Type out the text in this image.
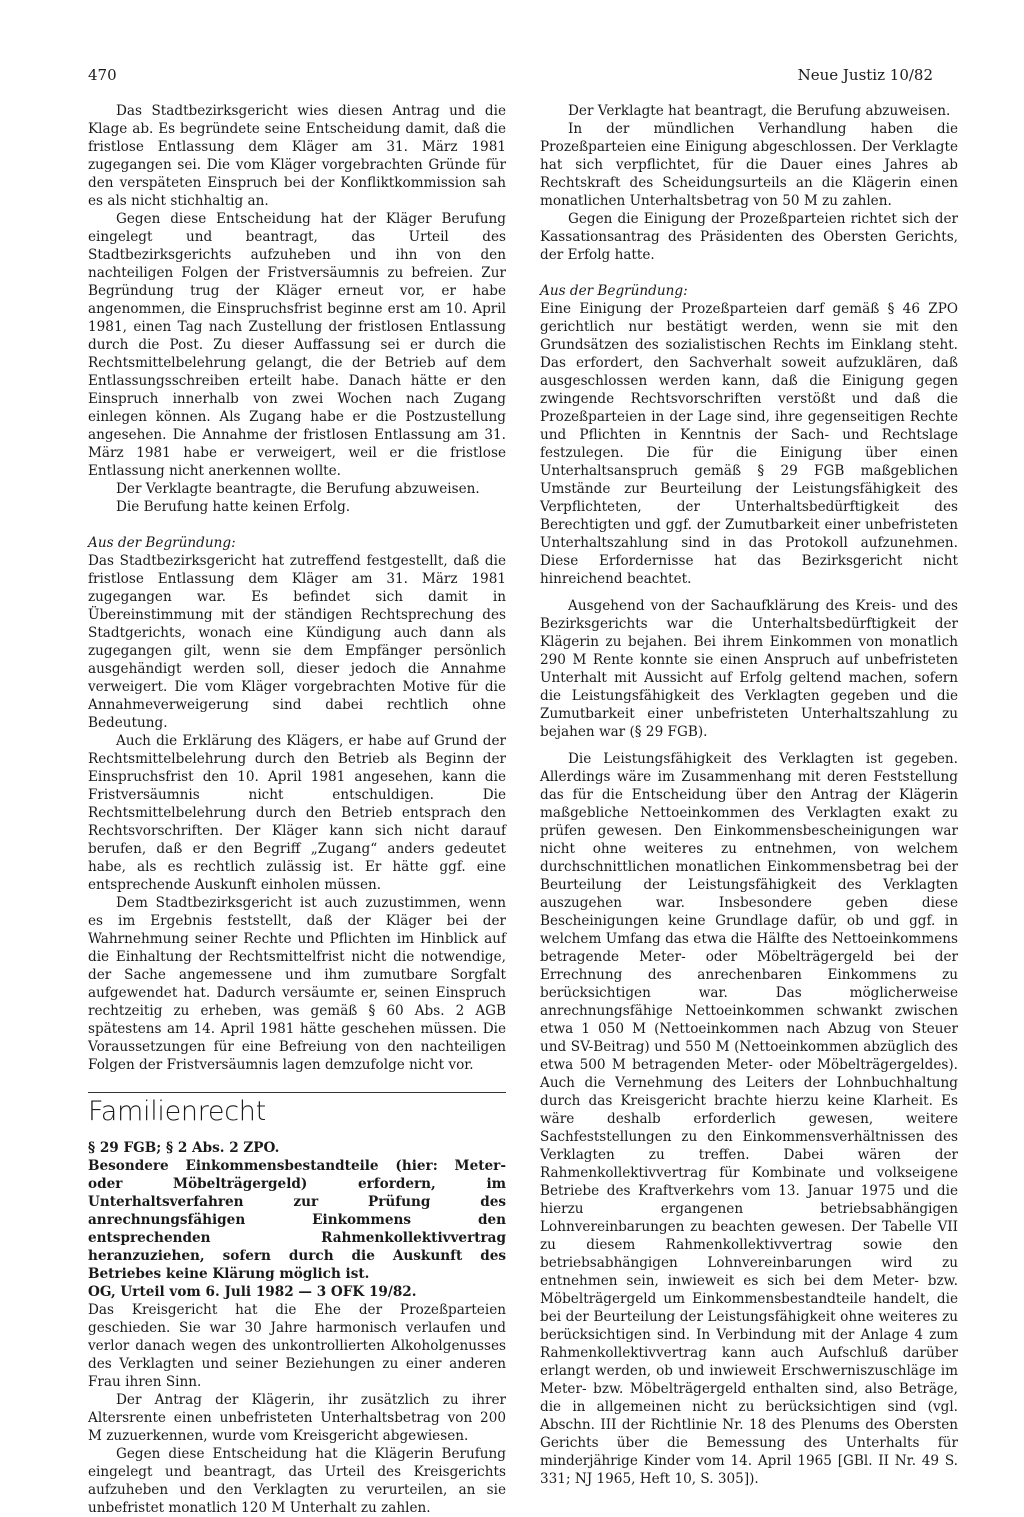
470	Neue Justiz 10/82

Das Stadtbezirksgericht wies diesen Antrag und die Klage ab. Es begründete seine Entscheidung damit, daß die fristlose Entlassung dem Kläger am 31. März 1981 zugegangen sei. Die vom Kläger vorgebrachten Gründe für den verspäteten Einspruch bei der Konfliktkommission sah es als nicht stichhaltig an.

Gegen diese Entscheidung hat der Kläger Berufung eingelegt und beantragt, das Urteil des Stadtbezirksgerichts aufzuheben und ihn von den nachteiligen Folgen der Fristversäumnis zu befreien. Zur Begründung trug der Kläger erneut vor, er habe angenommen, die Einspruchsfrist beginne erst am 10. April 1981, einen Tag nach Zustellung der fristlosen Entlassung durch die Post. Zu dieser Auffassung sei er durch die Rechtsmittelbelehrung gelangt, die der Betrieb auf dem Entlassungsschreiben erteilt habe. Danach hätte er den Einspruch innerhalb von zwei Wochen nach Zugang einlegen können. Als Zugang habe er die Postzustellung angesehen. Die Annahme der fristlosen Entlassung am 31. März 1981 habe er verweigert, weil er die fristlose Entlassung nicht anerkennen wollte.

Der Verklagte beantragte, die Berufung abzuweisen.

Die Berufung hatte keinen Erfolg.

Aus der Begründung:

Das Stadtbezirksgericht hat zutreffend festgestellt, daß die fristlose Entlassung dem Kläger am 31. März 1981 zugegangen war. Es befindet sich damit in Übereinstimmung mit der ständigen Rechtsprechung des Stadtgerichts, wonach eine Kündigung auch dann als zugegangen gilt, wenn sie dem Empfänger persönlich ausgehändigt werden soll, dieser jedoch die Annahme verweigert. Die vom Kläger vorgebrachten Motive für die Annahmeverweigerung sind dabei rechtlich ohne Bedeutung.

Auch die Erklärung des Klägers, er habe auf Grund der Rechtsmittelbelehrung durch den Betrieb als Beginn der Einspruchsfrist den 10. April 1981 angesehen, kann die Fristversäumnis nicht entschuldigen. Die Rechtsmittelbelehrung durch den Betrieb entsprach den Rechtsvorschriften. Der Kläger kann sich nicht darauf berufen, daß er den Begriff „Zugang“ anders gedeutet habe, als es rechtlich zulässig ist. Er hätte ggf. eine entsprechende Auskunft einholen müssen.

Dem Stadtbezirksgericht ist auch zuzustimmen, wenn es im Ergebnis feststellt, daß der Kläger bei der Wahrnehmung seiner Rechte und Pflichten im Hinblick auf die Einhaltung der Rechtsmittelfrist nicht die notwendige, der Sache angemessene und ihm zumutbare Sorgfalt aufgewendet hat. Dadurch versäumte er, seinen Einspruch rechtzeitig zu erheben, was gemäß § 60 Abs. 2 AGB spätestens am 14. April 1981 hätte geschehen müssen. Die Voraussetzungen für eine Befreiung von den nachteiligen Folgen der Fristversäumnis lagen demzufolge nicht vor.

Familienrecht

§ 29 FGB; § 2 Abs. 2 ZPO.

Besondere Einkommensbestandteile (hier: Meter- oder Möbelträgergeld) erfordern, im Unterhaltsverfahren zur Prüfung des anrechnungsfähigen Einkommens den entsprechenden Rahmenkollektivvertrag heranzuziehen, sofern durch die Auskunft des Betriebes keine Klärung möglich ist.

OG, Urteil vom 6. Juli 1982 — 3 OFK 19/82.

Das Kreisgericht hat die Ehe der Prozeßparteien geschieden. Sie war 30 Jahre harmonisch verlaufen und verlor danach wegen des unkontrollierten Alkoholgenusses des Verklagten und seiner Beziehungen zu einer anderen Frau ihren Sinn.

Der Antrag der Klägerin, ihr zusätzlich zu ihrer Altersrente einen unbefristeten Unterhaltsbetrag von 200 M zuzuerkennen, wurde vom Kreisgericht abgewiesen.

Gegen diese Entscheidung hat die Klägerin Berufung eingelegt und beantragt, das Urteil des Kreisgerichts aufzuheben und den Verklagten zu verurteilen, an sie unbefristet monatlich 120 M Unterhalt zu zahlen.

Der Verklagte hat beantragt, die Berufung abzuweisen.

In der mündlichen Verhandlung haben die Prozeßparteien eine Einigung abgeschlossen. Der Verklagte hat sich verpflichtet, für die Dauer eines Jahres ab Rechtskraft des Scheidungsurteils an die Klägerin einen monatlichen Unterhaltsbetrag von 50 M zu zahlen.

Gegen die Einigung der Prozeßparteien richtet sich der Kassationsantrag des Präsidenten des Obersten Gerichts, der Erfolg hatte.

Aus der Begründung:

Eine Einigung der Prozeßparteien darf gemäß § 46 ZPO gerichtlich nur bestätigt werden, wenn sie mit den Grundsätzen des sozialistischen Rechts im Einklang steht. Das erfordert, den Sachverhalt soweit aufzuklären, daß ausgeschlossen werden kann, daß die Einigung gegen zwingende Rechtsvorschriften verstößt und daß die Prozeßparteien in der Lage sind, ihre gegenseitigen Rechte und Pflichten in Kenntnis der Sach- und Rechtslage festzulegen. Die für die Einigung über einen Unterhaltsanspruch gemäß § 29 FGB maßgeblichen Umstände zur Beurteilung der Leistungsfähigkeit des Verpflichteten, der Unterhaltsbedürftigkeit des Berechtigten und ggf. der Zumutbarkeit einer unbefristeten Unterhaltszahlung sind in das Protokoll aufzunehmen. Diese Erfordernisse hat das Bezirksgericht nicht hinreichend beachtet.

Ausgehend von der Sachaufklärung des Kreis- und des Bezirksgerichts war die Unterhaltsbedürftigkeit der Klägerin zu bejahen. Bei ihrem Einkommen von monatlich 290 M Rente konnte sie einen Anspruch auf unbefristeten Unterhalt mit Aussicht auf Erfolg geltend machen, sofern die Leistungsfähigkeit des Verklagten gegeben und die Zumutbarkeit einer unbefristeten Unterhaltszahlung zu bejahen war (§ 29 FGB).

Die Leistungsfähigkeit des Verklagten ist gegeben. Allerdings wäre im Zusammenhang mit deren Feststellung das für die Entscheidung über den Antrag der Klägerin maßgebliche Nettoeinkommen des Verklagten exakt zu prüfen gewesen. Den Einkommensbescheinigungen war nicht ohne weiteres zu entnehmen, von welchem durchschnittlichen monatlichen Einkommensbetrag bei der Beurteilung der Leistungsfähigkeit des Verklagten auszugehen war. Insbesondere geben diese Bescheinigungen keine Grundlage dafür, ob und ggf. in welchem Umfang das etwa die Hälfte des Nettoeinkommens betragende Meter- oder Möbelträgergeld bei der Errechnung des anrechenbaren Einkommens zu berücksichtigen war. Das möglicherweise anrechnungsfähige Nettoeinkommen schwankt zwischen etwa 1 050 M (Nettoeinkommen nach Abzug von Steuer und SV-Beitrag) und 550 M (Nettoeinkommen abzüglich des etwa 500 M betragenden Meter- oder Möbelträgergeldes). Auch die Vernehmung des Leiters der Lohnbuchhaltung durch das Kreisgericht brachte hierzu keine Klarheit. Es wäre deshalb erforderlich gewesen, weitere Sachfeststellungen zu den Einkommensverhältnissen des Verklagten zu treffen. Dabei wären der Rahmenkollektivvertrag für Kombinate und volkseigene Betriebe des Kraftverkehrs vom 13. Januar 1975 und die hierzu ergangenen betriebsabhängigen Lohnvereinbarungen zu beachten gewesen. Der Tabelle VII zu diesem Rahmenkollektivvertrag sowie den betriebsabhängigen Lohnvereinbarungen wird zu entnehmen sein, inwieweit es sich bei dem Meter- bzw. Möbelträgergeld um Einkommensbestandteile handelt, die bei der Beurteilung der Leistungsfähigkeit ohne weiteres zu berücksichtigen sind. In Verbindung mit der Anlage 4 zum Rahmenkollektivvertrag kann auch Aufschluß darüber erlangt werden, ob und inwieweit Erschwerniszuschläge im Meter- bzw. Möbelträgergeld enthalten sind, also Beträge, die in allgemeinen nicht zu berücksichtigen sind (vgl. Abschn. III der Richtlinie Nr. 18 des Plenums des Obersten Gerichts über die Bemessung des Unterhalts für minderjährige Kinder vom 14. April 1965 [GBl. II Nr. 49 S. 331; NJ 1965, Heft 10, S. 305]).
